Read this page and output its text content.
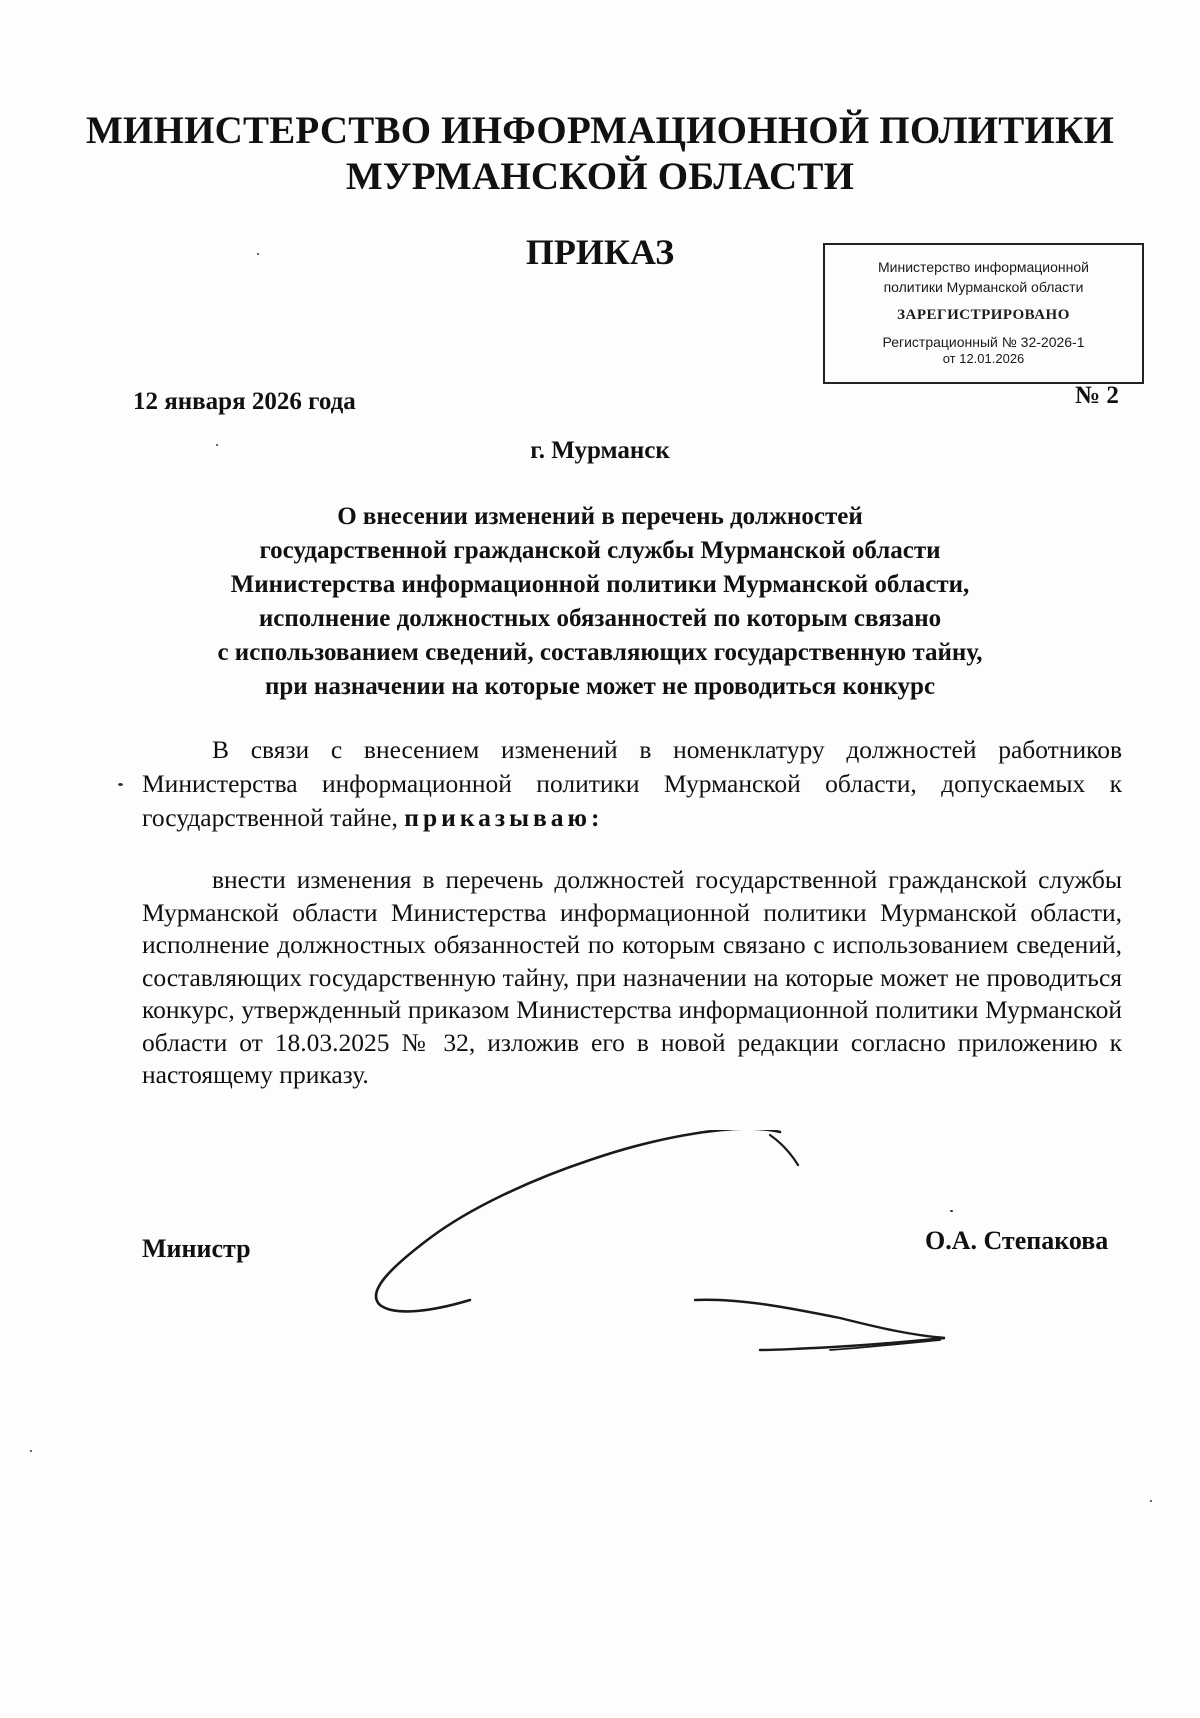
МИНИСТЕРСТВО ИНФОРМАЦИОННОЙ ПОЛИТИКИ
МУРМАНСКОЙ ОБЛАСТИ
ПРИКАЗ	Министерство информационной
политики Мурманской области
ЗАРЕГИСТРИРОВАНО
Регистрационный № 32-2026-1
от 12.01.2026
12 января 2026 года	№ 2
г. Мурманск
О внесении изменений в перечень должностей
государственной гражданской службы Мурманской области
Министерства информационной политики Мурманской области,
исполнение должностных обязанностей по которым связано
с использованием сведений, составляющих государственную тайну,
при назначении на которые может не проводиться конкурс
В связи с внесением изменений в номенклатуру должностей работников Министерства информационной политики Мурманской области, допускаемых к государственной тайне, приказываю:
внести изменения в перечень должностей государственной гражданской службы Мурманской области Министерства информационной политики Мурманской области, исполнение должностных обязанностей по которым связано с использованием сведений, составляющих государственную тайну, при назначении на которые может не проводиться конкурс, утвержденный приказом Министерства информационной политики Мурманской области от 18.03.2025 № 32, изложив его в новой редакции согласно приложению к настоящему приказу.
Министр	О.А. Степакова
